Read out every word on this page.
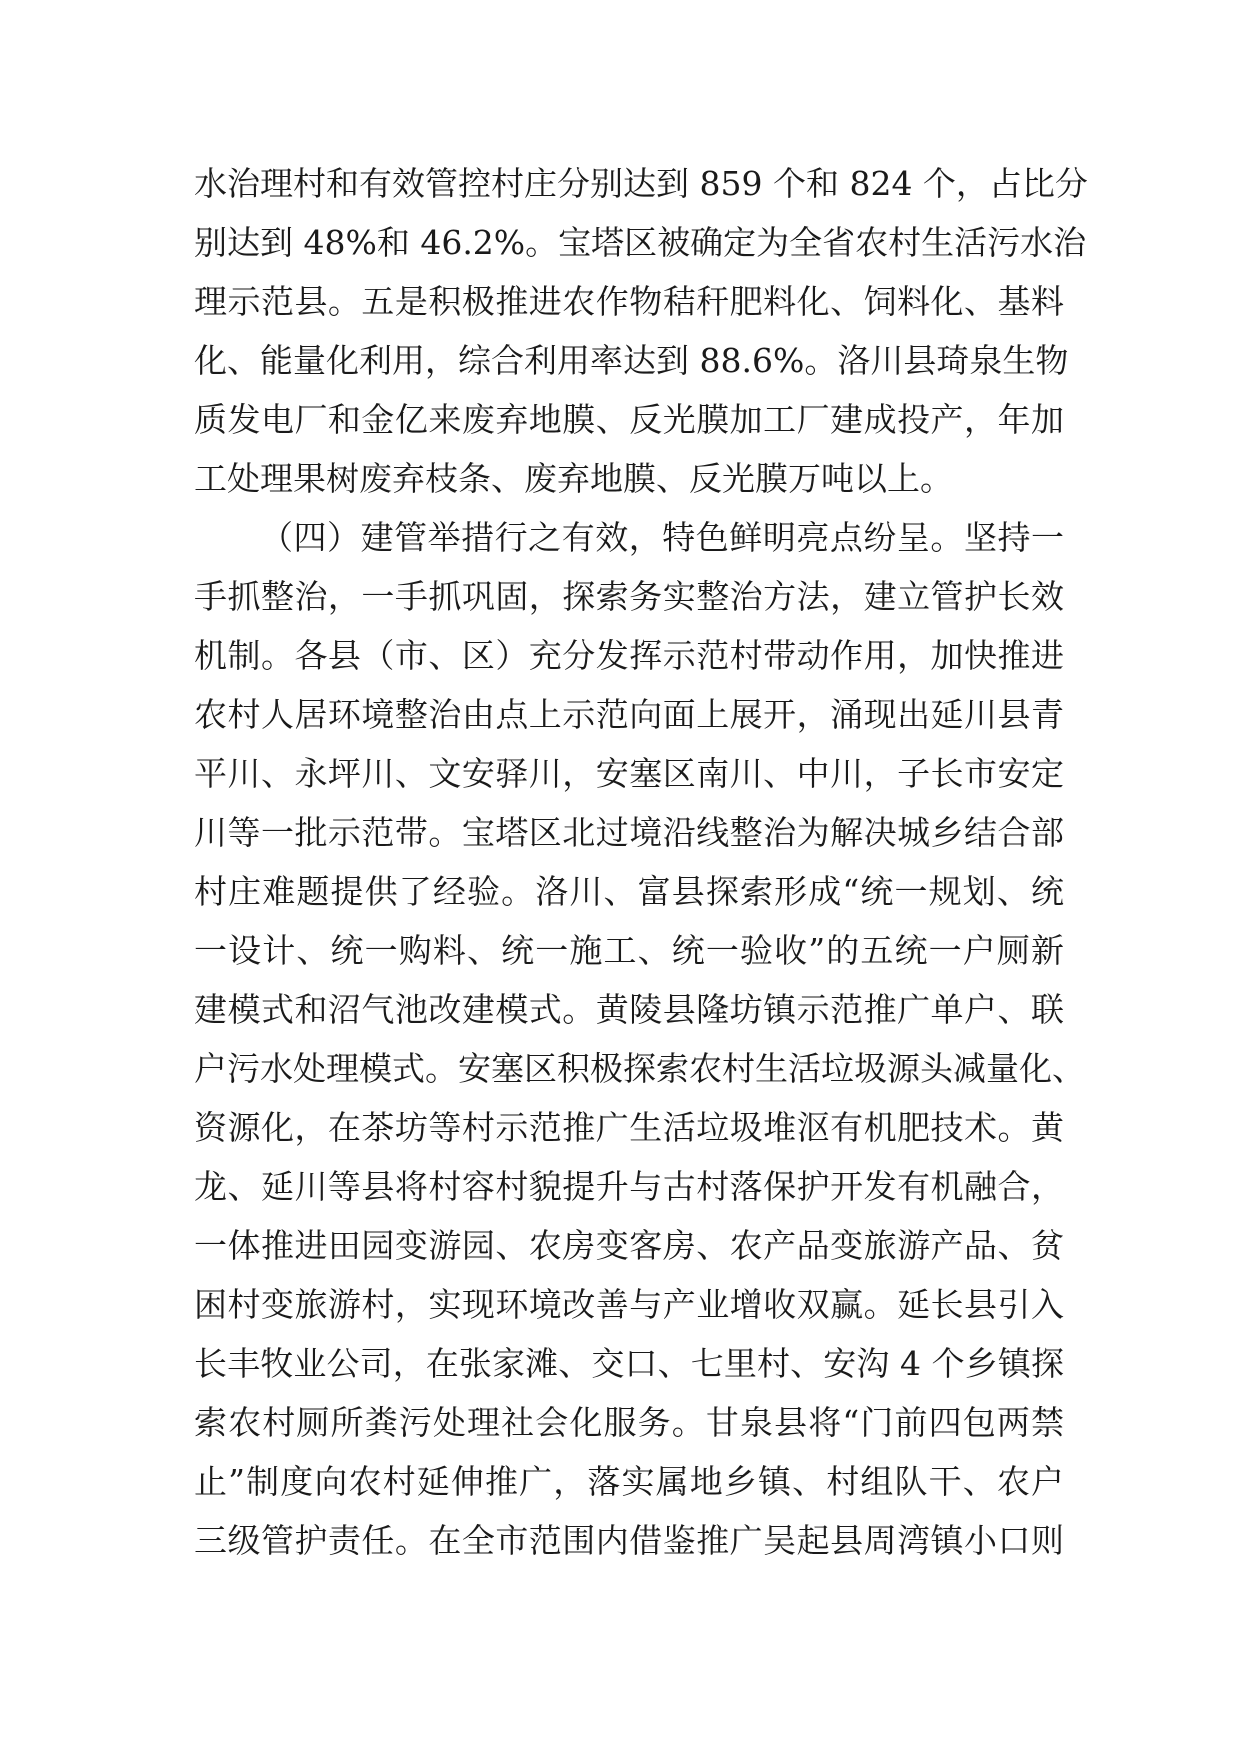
水治理村和有效管控村庄分别达到 859 个和 824 个，占比分
别达到 48%和 46.2%。宝塔区被确定为全省农村生活污水治
理示范县。五是积极推进农作物秸秆肥料化、饲料化、基料
化、能量化利用，综合利用率达到 88.6%。洛川县琦泉生物
质发电厂和金亿来废弃地膜、反光膜加工厂建成投产，年加
工处理果树废弃枝条、废弃地膜、反光膜万吨以上。
（四）建管举措行之有效，特色鲜明亮点纷呈。坚持一
手抓整治，一手抓巩固，探索务实整治方法，建立管护长效
机制。各县（市、区）充分发挥示范村带动作用，加快推进
农村人居环境整治由点上示范向面上展开，涌现出延川县青
平川、永坪川、文安驿川，安塞区南川、中川，子长市安定
川等一批示范带。宝塔区北过境沿线整治为解决城乡结合部
村庄难题提供了经验。洛川、富县探索形成“统一规划、统
一设计、统一购料、统一施工、统一验收”的五统一户厕新
建模式和沼气池改建模式。黄陵县隆坊镇示范推广单户、联
户污水处理模式。安塞区积极探索农村生活垃圾源头减量化、
资源化，在茶坊等村示范推广生活垃圾堆沤有机肥技术。黄
龙、延川等县将村容村貌提升与古村落保护开发有机融合，
一体推进田园变游园、农房变客房、农产品变旅游产品、贫
困村变旅游村，实现环境改善与产业增收双赢。延长县引入
长丰牧业公司，在张家滩、交口、七里村、安沟 4 个乡镇探
索农村厕所粪污处理社会化服务。甘泉县将“门前四包两禁
止”制度向农村延伸推广，落实属地乡镇、村组队干、农户
三级管护责任。在全市范围内借鉴推广吴起县周湾镇小口则
